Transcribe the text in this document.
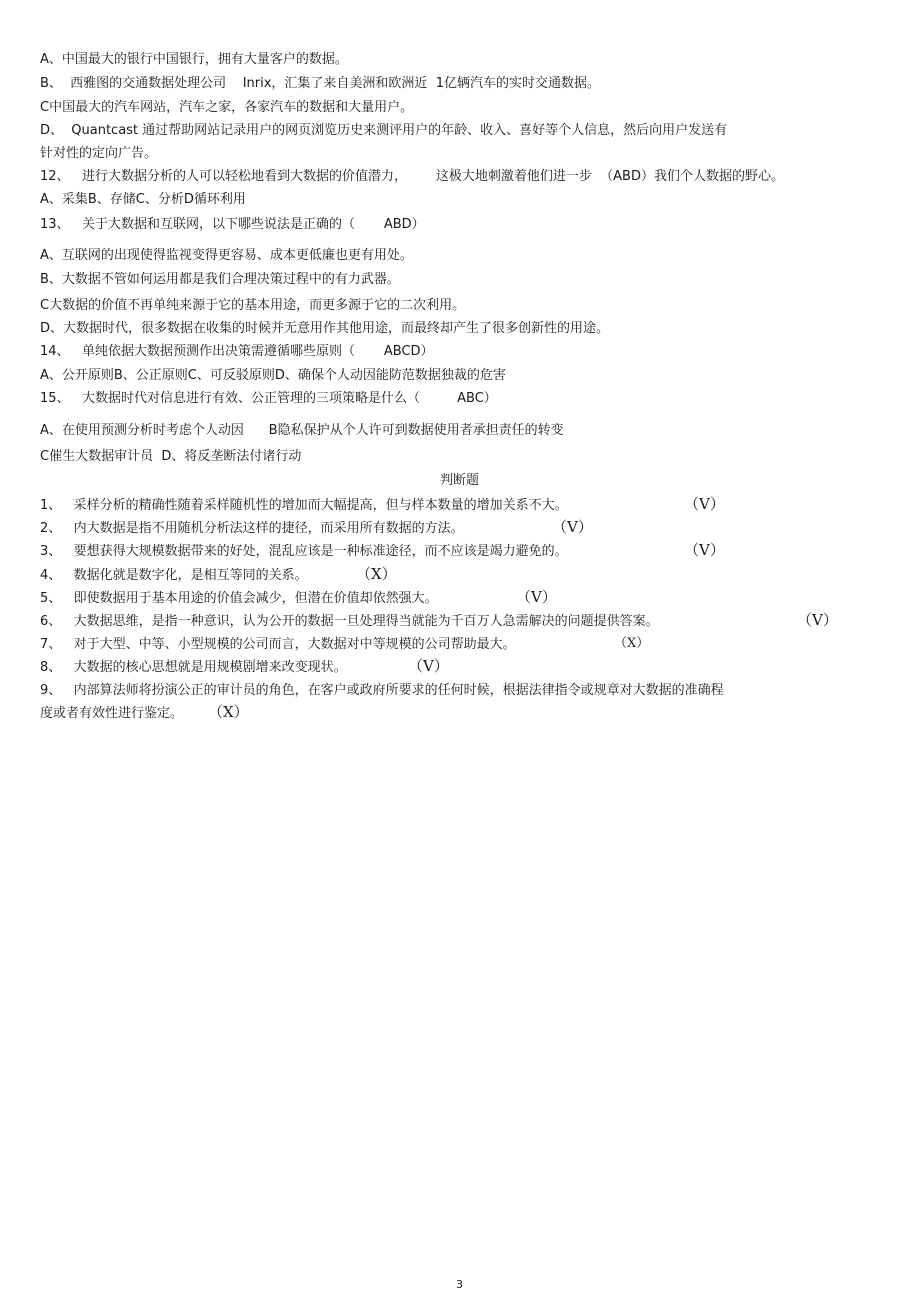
A、中国最大的银行中国银行，拥有大量客户的数据。
B、  西雅图的交通数据处理公司    Inrix，汇集了来自美洲和欧洲近  1亿辆汽车的实时交通数据。
C中国最大的汽车网站，汽车之家，各家汽车的数据和大量用户。
D、  Quantcast 通过帮助网站记录用户的网页浏览历史来测评用户的年龄、收入、喜好等个人信息，然后向用户发送有
针对性的定向广告。
12、   进行大数据分析的人可以轻松地看到大数据的价值潜力，       这极大地刺激着他们进一步  （ABD）我们个人数据的野心。
A、采集B、存储C、分析D循环利用
13、   关于大数据和互联网，以下哪些说法是正确的（       ABD）
A、互联网的出现使得监视变得更容易、成本更低廉也更有用处。
B、大数据不管如何运用都是我们合理决策过程中的有力武器。
C大数据的价值不再单纯来源于它的基本用途，而更多源于它的二次利用。
D、大数据时代，很多数据在收集的时候并无意用作其他用途，而最终却产生了很多创新性的用途。
14、   单纯依据大数据预测作出决策需遵循哪些原则（       ABCD）
A、公开原则B、公正原则C、可反驳原则D、确保个人动因能防范数据独裁的危害
15、   大数据时代对信息进行有效、公正管理的三项策略是什么（         ABC）
A、在使用预测分析时考虑个人动因      B隐私保护从个人许可到数据使用者承担责任的转变
C催生大数据审计员  D、将反垄断法付诸行动
判断题
1、   采样分析的精确性随着采样随机性的增加而大幅提高，但与样本数量的增加关系不大。	（V）
2、   内大数据是指不用随机分析法这样的捷径，而采用所有数据的方法。	（V）
3、   要想获得大规模数据带来的好处，混乱应该是一种标准途径，而不应该是竭力避免的。	（V）
4、   数据化就是数字化，是相互等同的关系。	（X）
5、   即使数据用于基本用途的价值会减少，但潜在价值却依然强大。	（V）
6、   大数据思维，是指一种意识，认为公开的数据一旦处理得当就能为千百万人急需解决的问题提供答案。	（V）
7、   对于大型、中等、小型规模的公司而言，大数据对中等规模的公司帮助最大。	（X）
8、   大数据的核心思想就是用规模剧增来改变现状。	（V）
9、   内部算法师将扮演公正的审计员的角色，在客户或政府所要求的任何时候，根据法律指令或规章对大数据的准确程
度或者有效性进行鉴定。 （X）
3
